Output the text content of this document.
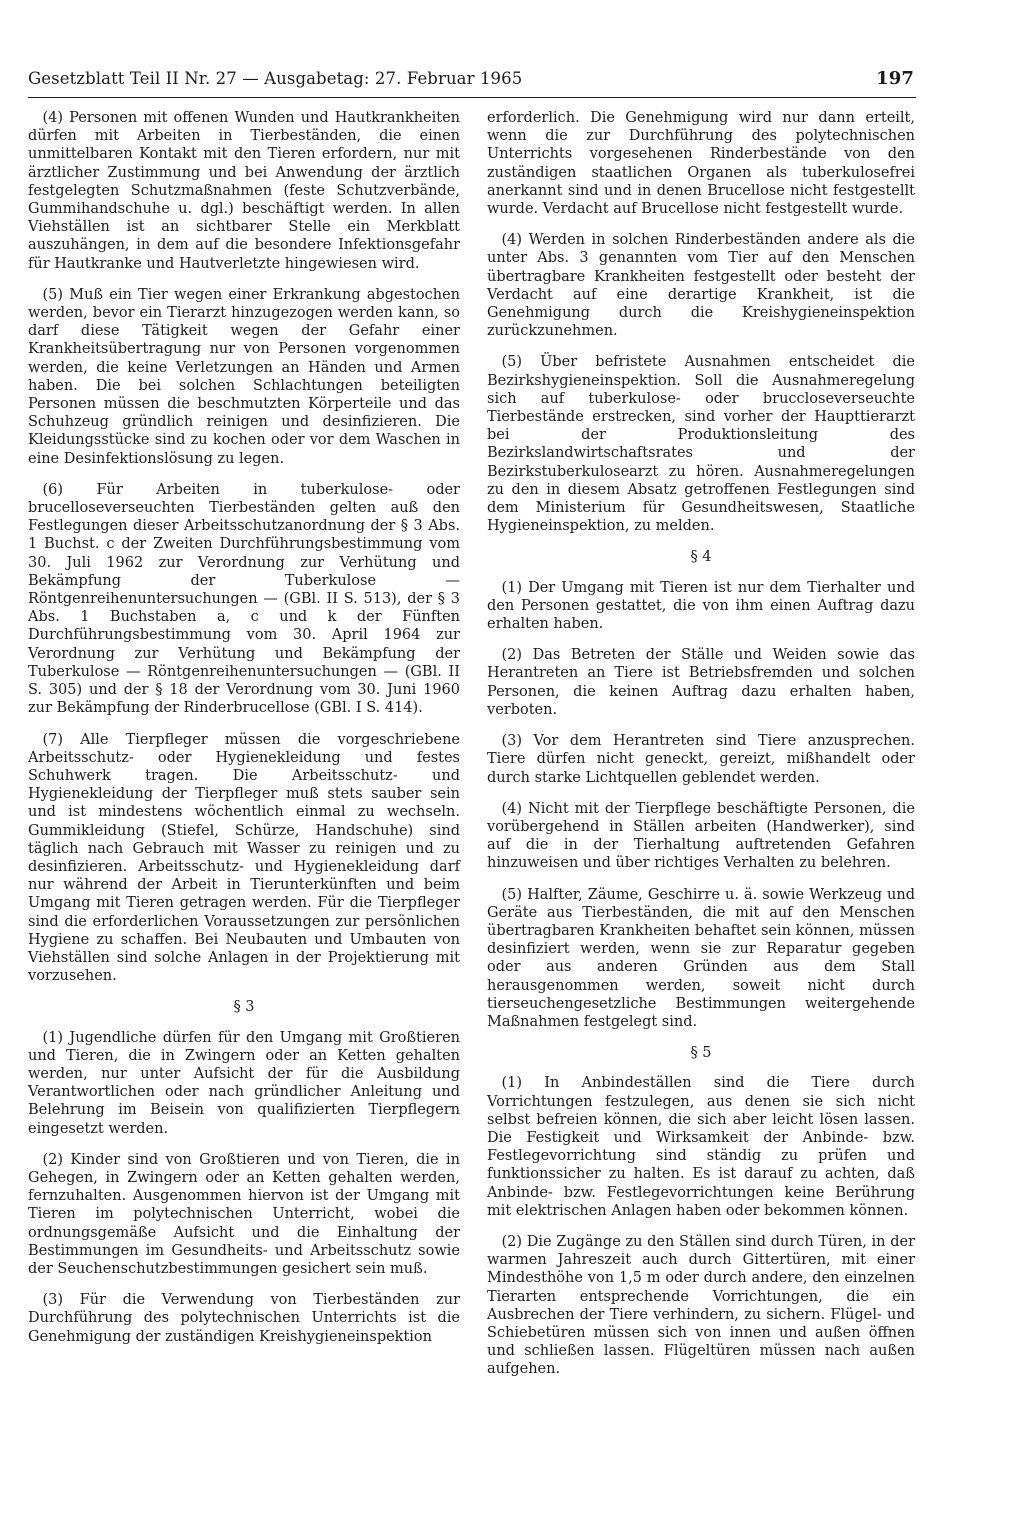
Gesetzblatt Teil II Nr. 27 — Ausgabetag: 27. Februar 1965	197

(4) Personen mit offenen Wunden und Hautkrankheiten dürfen mit Arbeiten in Tierbeständen, die einen unmittelbaren Kontakt mit den Tieren erfordern, nur mit ärztlicher Zustimmung und bei Anwendung der ärztlich festgelegten Schutzmaßnahmen (feste Schutzverbände, Gummihandschuhe u. dgl.) beschäftigt werden. In allen Viehställen ist an sichtbarer Stelle ein Merkblatt auszuhängen, in dem auf die besondere Infektionsgefahr für Hautkranke und Hautverletzte hingewiesen wird.

(5) Muß ein Tier wegen einer Erkrankung abgestochen werden, bevor ein Tierarzt hinzugezogen werden kann, so darf diese Tätigkeit wegen der Gefahr einer Krankheitsübertragung nur von Personen vorgenommen werden, die keine Verletzungen an Händen und Armen haben. Die bei solchen Schlachtungen beteiligten Personen müssen die beschmutzten Körperteile und das Schuhzeug gründlich reinigen und desinfizieren. Die Kleidungsstücke sind zu kochen oder vor dem Waschen in eine Desinfektionslösung zu legen.

(6) Für Arbeiten in tuberkulose- oder brucelloseverseuchten Tierbeständen gelten auß den Festlegungen dieser Arbeitsschutzanordnung der § 3 Abs. 1 Buchst. c der Zweiten Durchführungsbestimmung vom 30. Juli 1962 zur Verordnung zur Verhütung und Bekämpfung der Tuberkulose — Röntgenreihenuntersuchungen — (GBl. II S. 513), der § 3 Abs. 1 Buchstaben a, c und k der Fünften Durchführungsbestimmung vom 30. April 1964 zur Verordnung zur Verhütung und Bekämpfung der Tuberkulose — Röntgenreihenuntersuchungen — (GBl. II S. 305) und der § 18 der Verordnung vom 30. Juni 1960 zur Bekämpfung der Rinderbrucellose (GBl. I S. 414).

(7) Alle Tierpfleger müssen die vorgeschriebene Arbeitsschutz- oder Hygienekleidung und festes Schuhwerk tragen. Die Arbeitsschutz- und Hygienekleidung der Tierpfleger muß stets sauber sein und ist mindestens wöchentlich einmal zu wechseln. Gummikleidung (Stiefel, Schürze, Handschuhe) sind täglich nach Gebrauch mit Wasser zu reinigen und zu desinfizieren. Arbeitsschutz- und Hygienekleidung darf nur während der Arbeit in Tierunterkünften und beim Umgang mit Tieren getragen werden. Für die Tierpfleger sind die erforderlichen Voraussetzungen zur persönlichen Hygiene zu schaffen. Bei Neubauten und Umbauten von Viehställen sind solche Anlagen in der Projektierung mit vorzusehen.

§ 3

(1) Jugendliche dürfen für den Umgang mit Großtieren und Tieren, die in Zwingern oder an Ketten gehalten werden, nur unter Aufsicht der für die Ausbildung Verantwortlichen oder nach gründlicher Anleitung und Belehrung im Beisein von qualifizierten Tierpflegern eingesetzt werden.

(2) Kinder sind von Großtieren und von Tieren, die in Gehegen, in Zwingern oder an Ketten gehalten werden, fernzuhalten. Ausgenommen hiervon ist der Umgang mit Tieren im polytechnischen Unterricht, wobei die ordnungsgemäße Aufsicht und die Einhaltung der Bestimmungen im Gesundheits- und Arbeitsschutz sowie der Seuchenschutzbestimmungen gesichert sein muß.

(3) Für die Verwendung von Tierbeständen zur Durchführung des polytechnischen Unterrichts ist die Genehmigung der zuständigen Kreishygieneinspektion

erforderlich. Die Genehmigung wird nur dann erteilt, wenn die zur Durchführung des polytechnischen Unterrichts vorgesehenen Rinderbestände von den zuständigen staatlichen Organen als tuberkulosefrei anerkannt sind und in denen Brucellose nicht festgestellt wurde. Verdacht auf Brucellose nicht festgestellt wurde.

(4) Werden in solchen Rinderbeständen andere als die unter Abs. 3 genannten vom Tier auf den Menschen übertragbare Krankheiten festgestellt oder besteht der Verdacht auf eine derartige Krankheit, ist die Genehmigung durch die Kreishygieneinspektion zurückzunehmen.

(5) Über befristete Ausnahmen entscheidet die Bezirkshygieneinspektion. Soll die Ausnahmeregelung sich auf tuberkulose- oder bruccloseverseuchte Tierbestände erstrecken, sind vorher der Haupttierarzt bei der Produktionsleitung des Bezirkslandwirtschaftsrates und der Bezirkstuberkulosearzt zu hören. Ausnahmeregelungen zu den in diesem Absatz getroffenen Festlegungen sind dem Ministerium für Gesundheitswesen, Staatliche Hygieneinspektion, zu melden.

§ 4

(1) Der Umgang mit Tieren ist nur dem Tierhalter und den Personen gestattet, die von ihm einen Auftrag dazu erhalten haben.

(2) Das Betreten der Ställe und Weiden sowie das Herantreten an Tiere ist Betriebsfremden und solchen Personen, die keinen Auftrag dazu erhalten haben, verboten.

(3) Vor dem Herantreten sind Tiere anzusprechen. Tiere dürfen nicht geneckt, gereizt, mißhandelt oder durch starke Lichtquellen geblendet werden.

(4) Nicht mit der Tierpflege beschäftigte Personen, die vorübergehend in Ställen arbeiten (Handwerker), sind auf die in der Tierhaltung auftretenden Gefahren hinzuweisen und über richtiges Verhalten zu belehren.

(5) Halfter, Zäume, Geschirre u. ä. sowie Werkzeug und Geräte aus Tierbeständen, die mit auf den Menschen übertragbaren Krankheiten behaftet sein können, müssen desinfiziert werden, wenn sie zur Reparatur gegeben oder aus anderen Gründen aus dem Stall herausgenommen werden, soweit nicht durch tierseuchengesetzliche Bestimmungen weitergehende Maßnahmen festgelegt sind.

§ 5

(1) In Anbindeställen sind die Tiere durch Vorrichtungen festzulegen, aus denen sie sich nicht selbst befreien können, die sich aber leicht lösen lassen. Die Festigkeit und Wirksamkeit der Anbinde- bzw. Festlegevorrichtung sind ständig zu prüfen und funktionssicher zu halten. Es ist darauf zu achten, daß Anbinde- bzw. Festlegevorrichtungen keine Berührung mit elektrischen Anlagen haben oder bekommen können.

(2) Die Zugänge zu den Ställen sind durch Türen, in der warmen Jahreszeit auch durch Gittertüren, mit einer Mindesthöhe von 1,5 m oder durch andere, den einzelnen Tierarten entsprechende Vorrichtungen, die ein Ausbrechen der Tiere verhindern, zu sichern. Flügel- und Schiebetüren müssen sich von innen und außen öffnen und schließen lassen. Flügeltüren müssen nach außen aufgehen.
